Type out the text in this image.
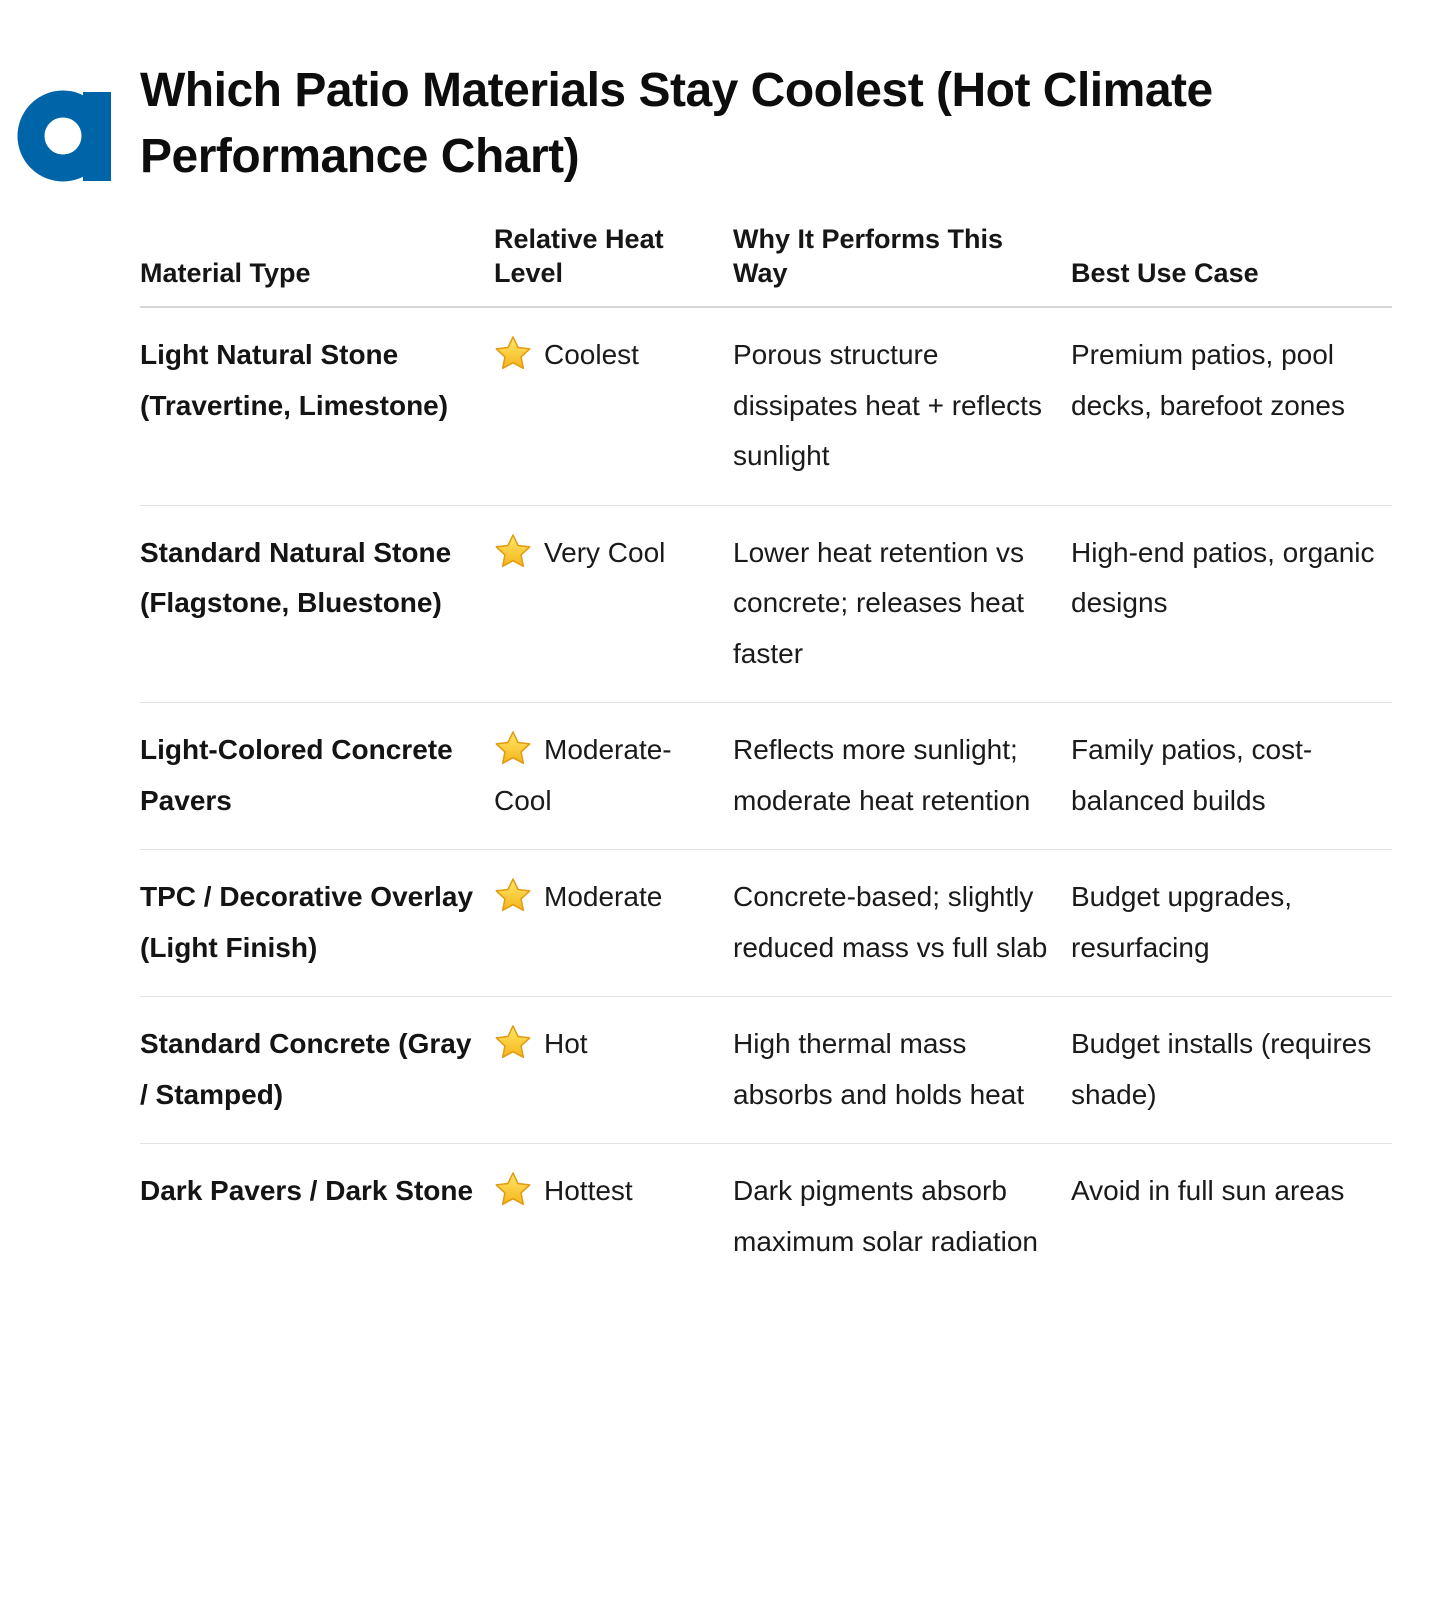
Which Patio Materials Stay Coolest (Hot Climate Performance Chart)
Material Type	Relative Heat Level	Why It Performs This Way	Best Use Case
Light Natural Stone (Travertine, Limestone)	Coolest	Porous structure dissipates heat + reflects sunlight	Premium patios, pool decks, barefoot zones
Standard Natural Stone (Flagstone, Bluestone)	Very Cool	Lower heat retention vs concrete; releases heat faster	High-end patios, organic designs
Light-Colored Concrete Pavers	Moderate-Cool	Reflects more sunlight; moderate heat retention	Family patios, cost-balanced builds
TPC / Decorative Overlay (Light Finish)	Moderate	Concrete-based; slightly reduced mass vs full slab	Budget upgrades, resurfacing
Standard Concrete (Gray / Stamped)	Hot	High thermal mass absorbs and holds heat	Budget installs (requires shade)
Dark Pavers / Dark Stone	Hottest	Dark pigments absorb maximum solar radiation	Avoid in full sun areas
